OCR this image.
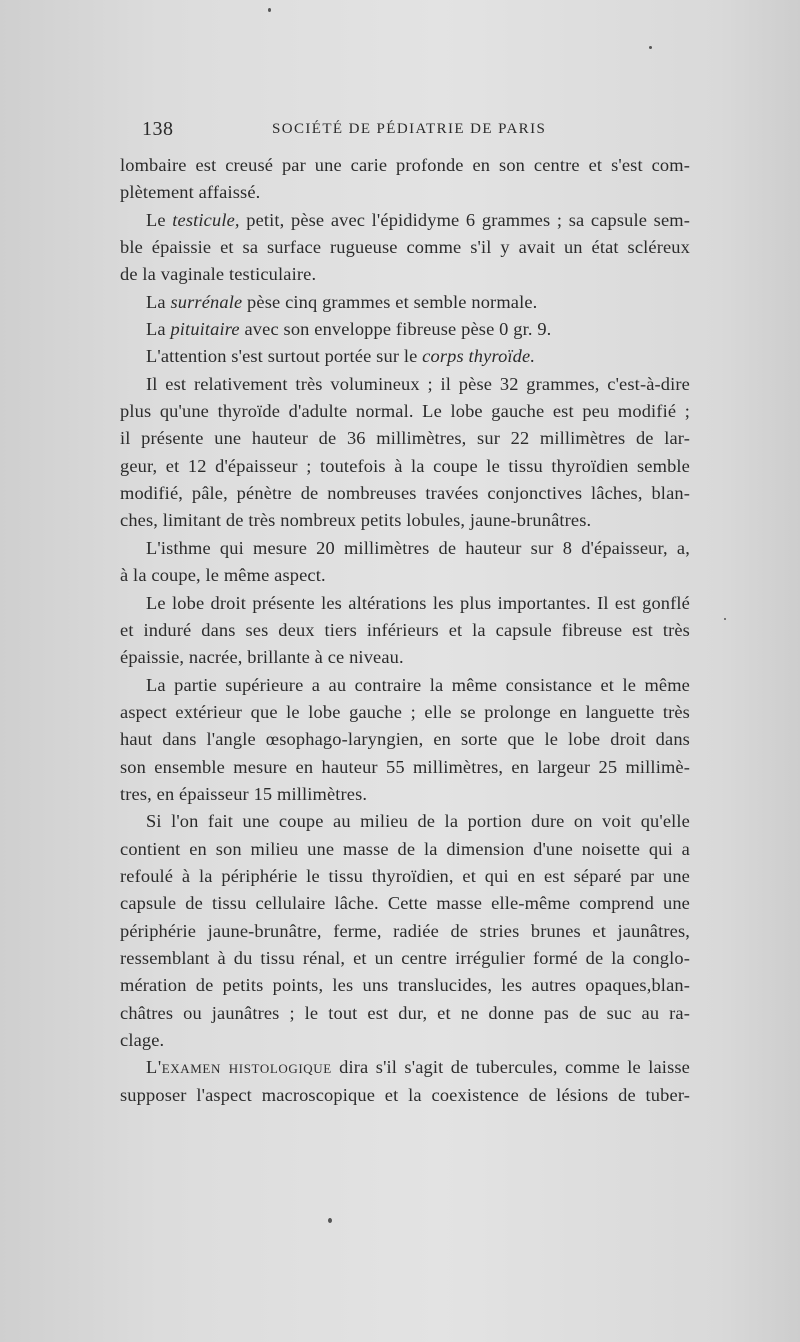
138	SOCIÉTÉ DE PÉDIATRIE DE PARIS
lombaire est creusé par une carie profonde en son centre et s'est com-
plètement affaissé.
Le testicule, petit, pèse avec l'épididyme 6 grammes ; sa capsule sem-
ble épaissie et sa surface rugueuse comme s'il y avait un état scléreux
de la vaginale testiculaire.
La surrénale pèse cinq grammes et semble normale.
La pituitaire avec son enveloppe fibreuse pèse 0 gr. 9.
L'attention s'est surtout portée sur le corps thyroïde.
Il est relativement très volumineux ; il pèse 32 grammes, c'est-à-dire
plus qu'une thyroïde d'adulte normal. Le lobe gauche est peu modifié ;
il présente une hauteur de 36 millimètres, sur 22 millimètres de lar-
geur, et 12 d'épaisseur ; toutefois à la coupe le tissu thyroïdien semble
modifié, pâle, pénètre de nombreuses travées conjonctives lâches, blan-
ches, limitant de très nombreux petits lobules, jaune-brunâtres.
L'isthme qui mesure 20 millimètres de hauteur sur 8 d'épaisseur, a,
à la coupe, le même aspect.
Le lobe droit présente les altérations les plus importantes. Il est gonflé
et induré dans ses deux tiers inférieurs et la capsule fibreuse est très
épaissie, nacrée, brillante à ce niveau.
La partie supérieure a au contraire la même consistance et le même
aspect extérieur que le lobe gauche ; elle se prolonge en languette très
haut dans l'angle œsophago-laryngien, en sorte que le lobe droit dans
son ensemble mesure en hauteur 55 millimètres, en largeur 25 millimè-
tres, en épaisseur 15 millimètres.
Si l'on fait une coupe au milieu de la portion dure on voit qu'elle
contient en son milieu une masse de la dimension d'une noisette qui a
refoulé à la périphérie le tissu thyroïdien, et qui en est séparé par une
capsule de tissu cellulaire lâche. Cette masse elle-même comprend une
périphérie jaune-brunâtre, ferme, radiée de stries brunes et jaunâtres,
ressemblant à du tissu rénal, et un centre irrégulier formé de la conglo-
mération de petits points, les uns translucides, les autres opaques,blan-
châtres ou jaunâtres ; le tout est dur, et ne donne pas de suc au ra-
clage.
L'examen histologique dira s'il s'agit de tubercules, comme le laisse
supposer l'aspect macroscopique et la coexistence de lésions de tuber-
